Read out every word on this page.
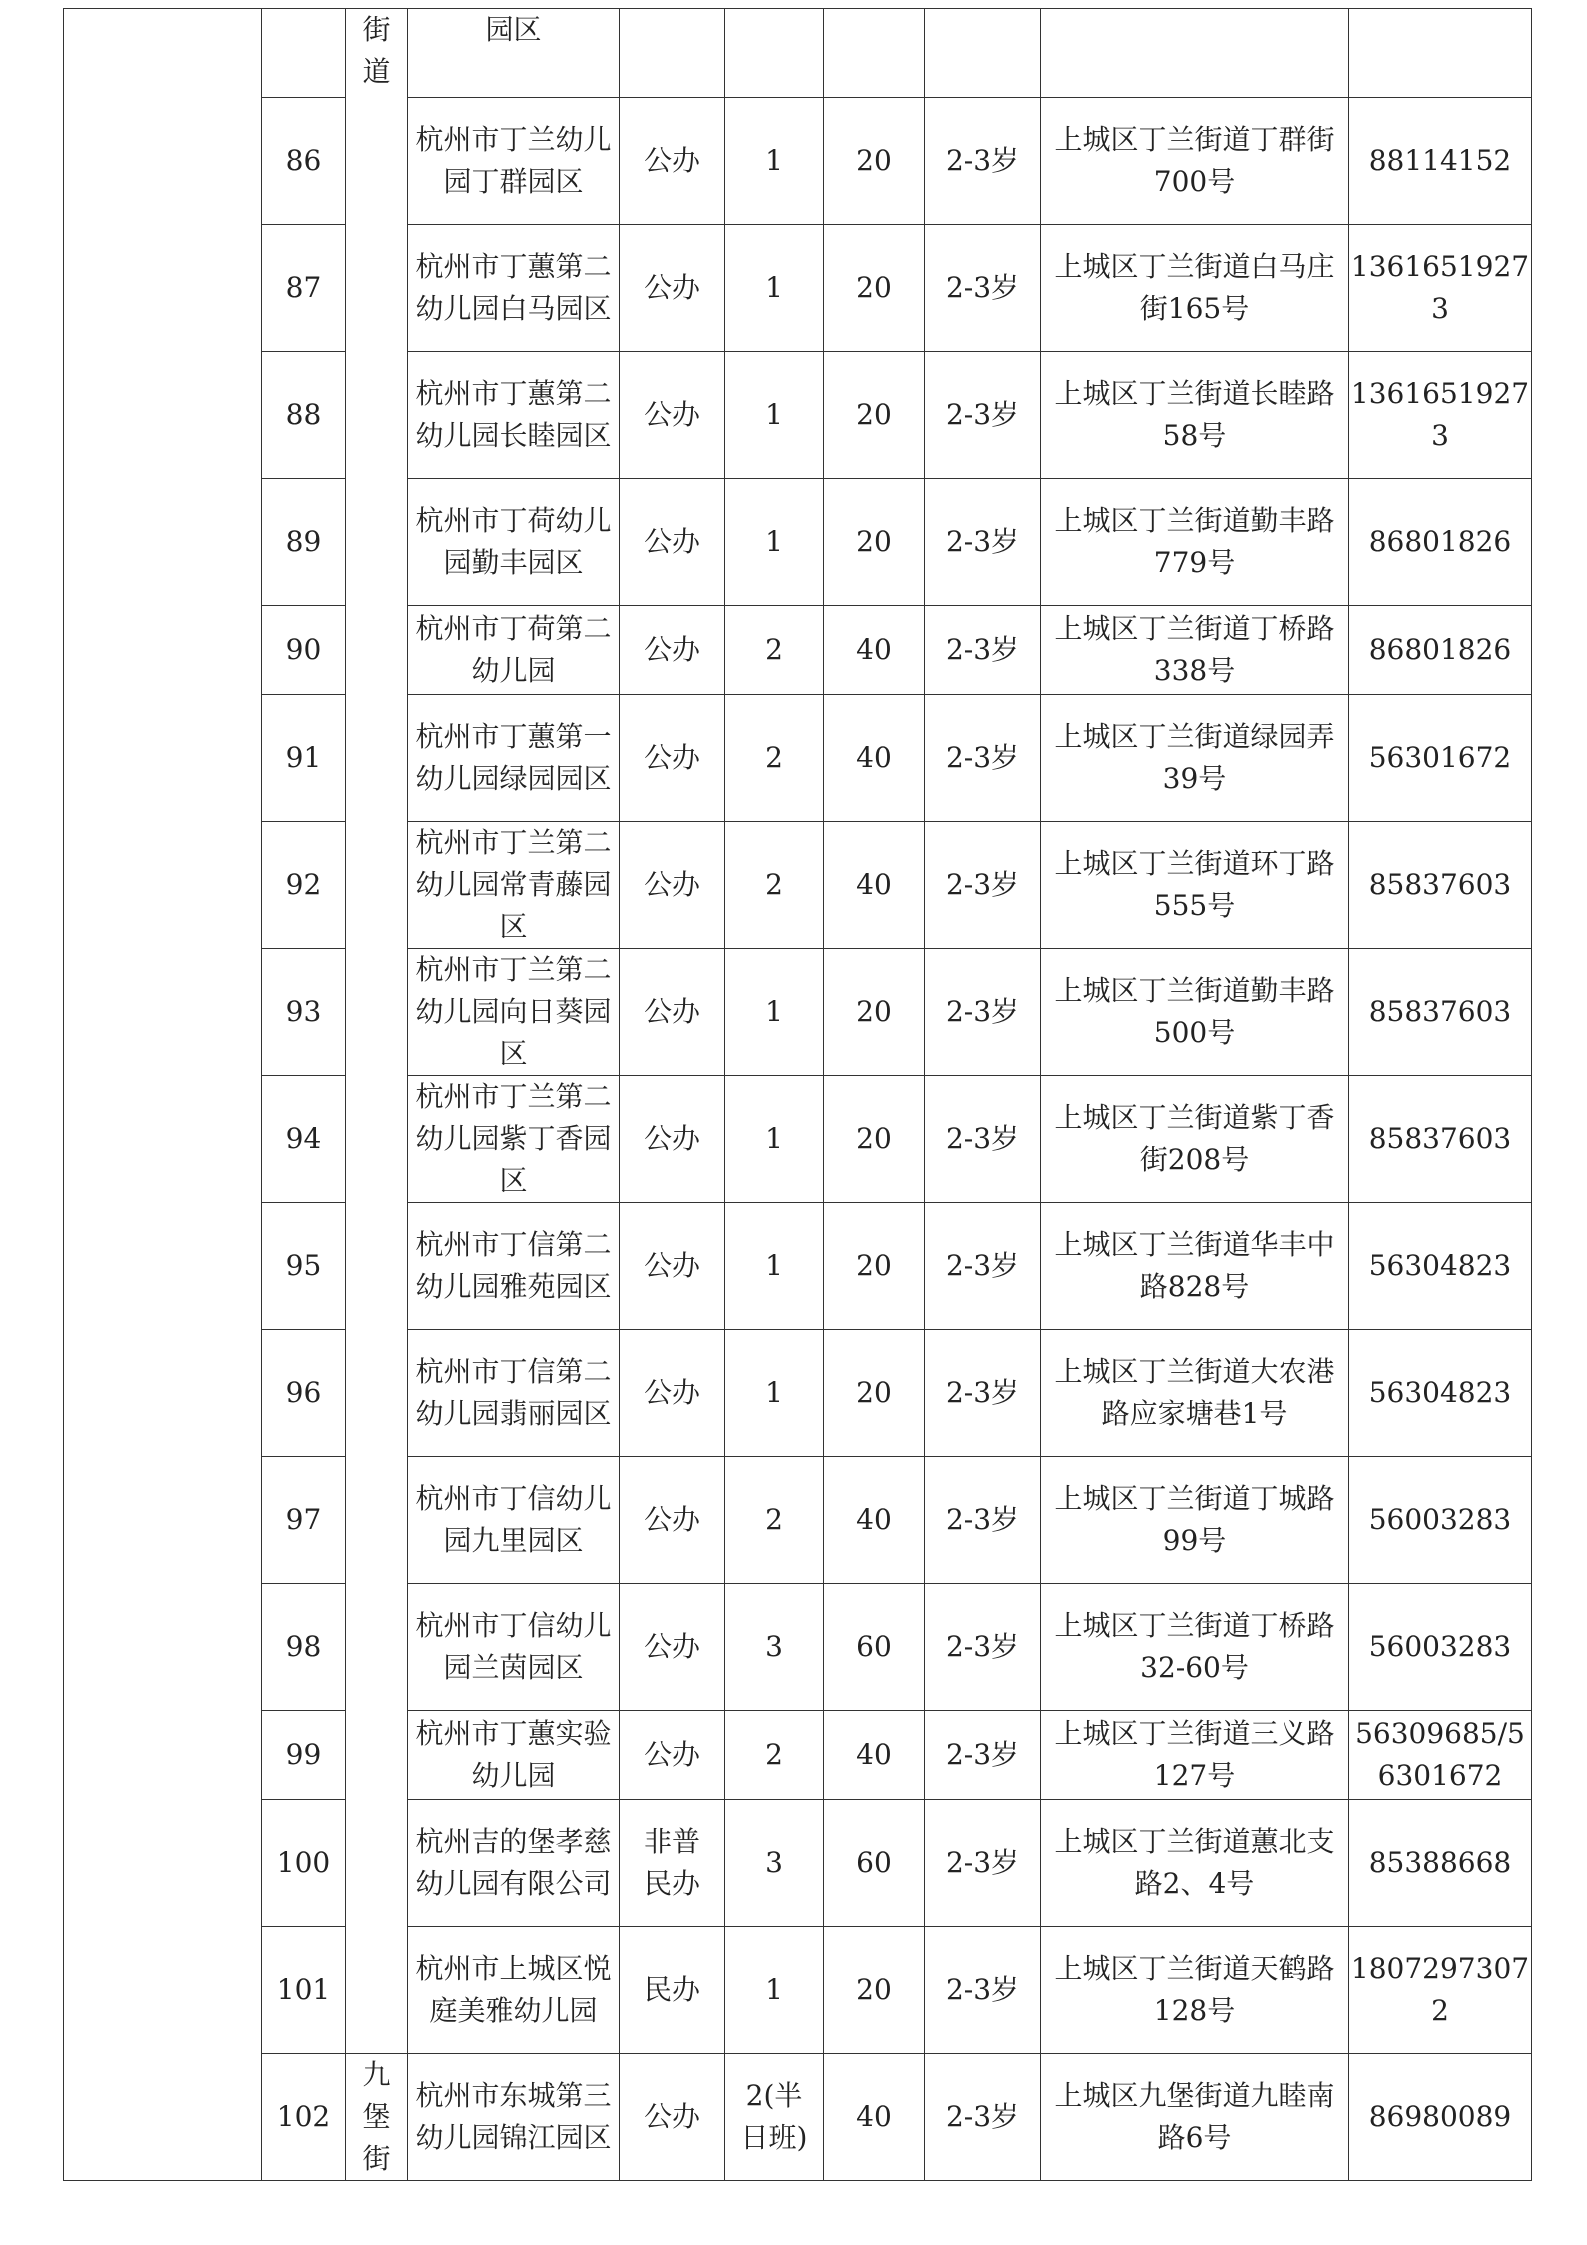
		街道	园区						
	86		杭州市丁兰幼儿园丁群园区	公办	1	20	2-3岁	上城区丁兰街道丁群街700号	88114152
	87		杭州市丁蕙第二幼儿园白马园区	公办	1	20	2-3岁	上城区丁兰街道白马庄街165号	13616519273
	88		杭州市丁蕙第二幼儿园长睦园区	公办	1	20	2-3岁	上城区丁兰街道长睦路58号	13616519273
	89		杭州市丁荷幼儿园勤丰园区	公办	1	20	2-3岁	上城区丁兰街道勤丰路779号	86801826
	90		杭州市丁荷第二幼儿园	公办	2	40	2-3岁	上城区丁兰街道丁桥路338号	86801826
	91		杭州市丁蕙第一幼儿园绿园园区	公办	2	40	2-3岁	上城区丁兰街道绿园弄39号	56301672
	92		杭州市丁兰第二幼儿园常青藤园区	公办	2	40	2-3岁	上城区丁兰街道环丁路555号	85837603
	93		杭州市丁兰第二幼儿园向日葵园区	公办	1	20	2-3岁	上城区丁兰街道勤丰路500号	85837603
	94		杭州市丁兰第二幼儿园紫丁香园区	公办	1	20	2-3岁	上城区丁兰街道紫丁香街208号	85837603
	95		杭州市丁信第二幼儿园雅苑园区	公办	1	20	2-3岁	上城区丁兰街道华丰中路828号	56304823
	96		杭州市丁信第二幼儿园翡丽园区	公办	1	20	2-3岁	上城区丁兰街道大农港路应家塘巷1号	56304823
	97		杭州市丁信幼儿园九里园区	公办	2	40	2-3岁	上城区丁兰街道丁城路99号	56003283
	98		杭州市丁信幼儿园兰茵园区	公办	3	60	2-3岁	上城区丁兰街道丁桥路32-60号	56003283
	99		杭州市丁蕙实验幼儿园	公办	2	40	2-3岁	上城区丁兰街道三义路127号	56309685/56301672
	100		杭州吉的堡孝慈幼儿园有限公司	非普民办	3	60	2-3岁	上城区丁兰街道蕙北支路2、4号	85388668
	101		杭州市上城区悦庭美雅幼儿园	民办	1	20	2-3岁	上城区丁兰街道天鹤路128号	18072973072
	102	九堡街	杭州市东城第三幼儿园锦江园区	公办	2(半日班)	40	2-3岁	上城区九堡街道九睦南路6号	86980089
